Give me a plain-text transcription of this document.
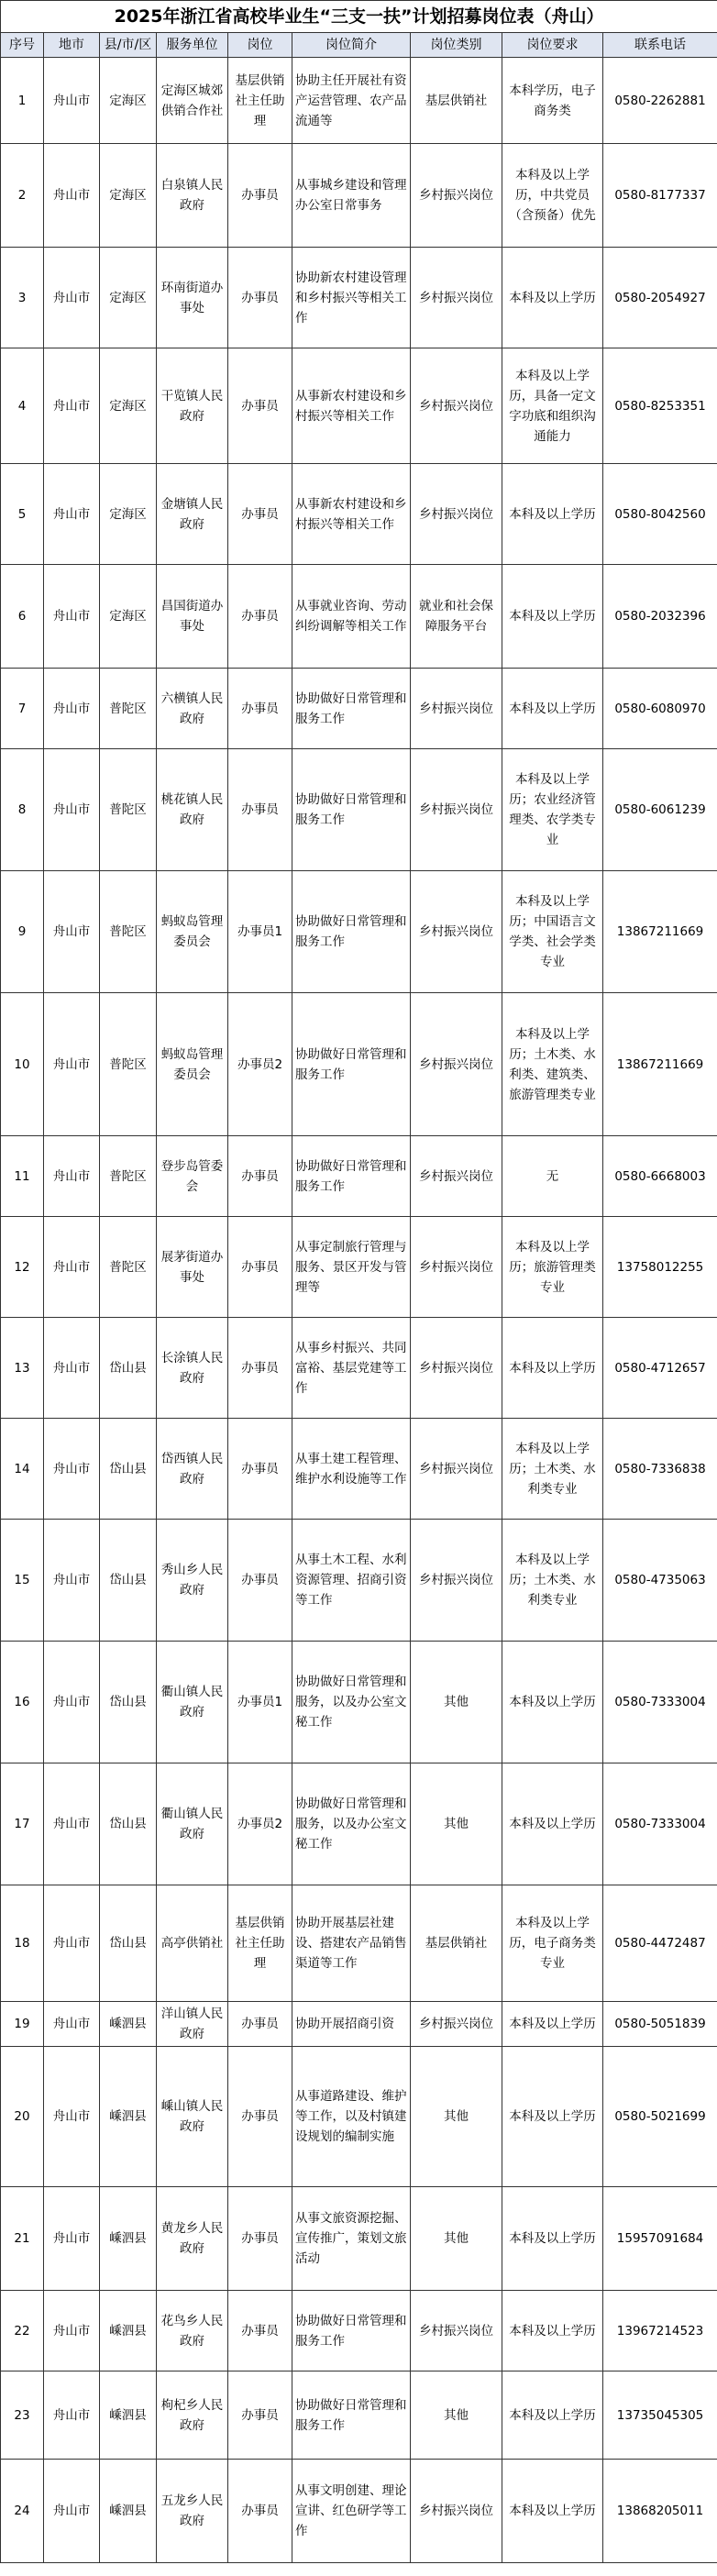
2025年浙江省高校毕业生“三支一扶”计划招募岗位表（舟山）								
序号	地市	县/市/区	服务单位	岗位	岗位简介	岗位类别	岗位要求	联系电话
1	舟山市	定海区	定海区城郊供销合作社	基层供销社主任助理	协助主任开展社有资产运营管理、农产品流通等	基层供销社	本科学历，电子商务类	0580-2262881
2	舟山市	定海区	白泉镇人民政府	办事员	从事城乡建设和管理办公室日常事务	乡村振兴岗位	本科及以上学历，中共党员（含预备）优先	0580-8177337
3	舟山市	定海区	环南街道办事处	办事员	协助新农村建设管理和乡村振兴等相关工作	乡村振兴岗位	本科及以上学历	0580-2054927
4	舟山市	定海区	干览镇人民政府	办事员	从事新农村建设和乡村振兴等相关工作	乡村振兴岗位	本科及以上学历，具备一定文字功底和组织沟通能力	0580-8253351
5	舟山市	定海区	金塘镇人民政府	办事员	从事新农村建设和乡村振兴等相关工作	乡村振兴岗位	本科及以上学历	0580-8042560
6	舟山市	定海区	昌国街道办事处	办事员	从事就业咨询、劳动纠纷调解等相关工作	就业和社会保障服务平台	本科及以上学历	0580-2032396
7	舟山市	普陀区	六横镇人民政府	办事员	协助做好日常管理和服务工作	乡村振兴岗位	本科及以上学历	0580-6080970
8	舟山市	普陀区	桃花镇人民政府	办事员	协助做好日常管理和服务工作	乡村振兴岗位	本科及以上学历；农业经济管理类、农学类专业	0580-6061239
9	舟山市	普陀区	蚂蚁岛管理委员会	办事员1	协助做好日常管理和服务工作	乡村振兴岗位	本科及以上学历；中国语言文学类、社会学类专业	13867211669
10	舟山市	普陀区	蚂蚁岛管理委员会	办事员2	协助做好日常管理和服务工作	乡村振兴岗位	本科及以上学历；土木类、水利类、建筑类、旅游管理类专业	13867211669
11	舟山市	普陀区	登步岛管委会	办事员	协助做好日常管理和服务工作	乡村振兴岗位	无	0580-6668003
12	舟山市	普陀区	展茅街道办事处	办事员	从事定制旅行管理与服务、景区开发与管理等	乡村振兴岗位	本科及以上学历；旅游管理类专业	13758012255
13	舟山市	岱山县	长涂镇人民政府	办事员	从事乡村振兴、共同富裕、基层党建等工作	乡村振兴岗位	本科及以上学历	0580-4712657
14	舟山市	岱山县	岱西镇人民政府	办事员	从事土建工程管理、维护水利设施等工作	乡村振兴岗位	本科及以上学历；土木类、水利类专业	0580-7336838
15	舟山市	岱山县	秀山乡人民政府	办事员	从事土木工程、水利资源管理、招商引资等工作	乡村振兴岗位	本科及以上学历；土木类、水利类专业	0580-4735063
16	舟山市	岱山县	衢山镇人民政府	办事员1	协助做好日常管理和服务，以及办公室文秘工作	其他	本科及以上学历	0580-7333004
17	舟山市	岱山县	衢山镇人民政府	办事员2	协助做好日常管理和服务，以及办公室文秘工作	其他	本科及以上学历	0580-7333004
18	舟山市	岱山县	高亭供销社	基层供销社主任助理	协助开展基层社建设、搭建农产品销售渠道等工作	基层供销社	本科及以上学历，电子商务类专业	0580-4472487
19	舟山市	嵊泗县	洋山镇人民政府	办事员	协助开展招商引资	乡村振兴岗位	本科及以上学历	0580-5051839
20	舟山市	嵊泗县	嵊山镇人民政府	办事员	从事道路建设、维护等工作，以及村镇建设规划的编制实施	其他	本科及以上学历	0580-5021699
21	舟山市	嵊泗县	黄龙乡人民政府	办事员	从事文旅资源挖掘、宣传推广，策划文旅活动	其他	本科及以上学历	15957091684
22	舟山市	嵊泗县	花鸟乡人民政府	办事员	协助做好日常管理和服务工作	乡村振兴岗位	本科及以上学历	13967214523
23	舟山市	嵊泗县	枸杞乡人民政府	办事员	协助做好日常管理和服务工作	其他	本科及以上学历	13735045305
24	舟山市	嵊泗县	五龙乡人民政府	办事员	从事文明创建、理论宣讲、红色研学等工作	乡村振兴岗位	本科及以上学历	13868205011
